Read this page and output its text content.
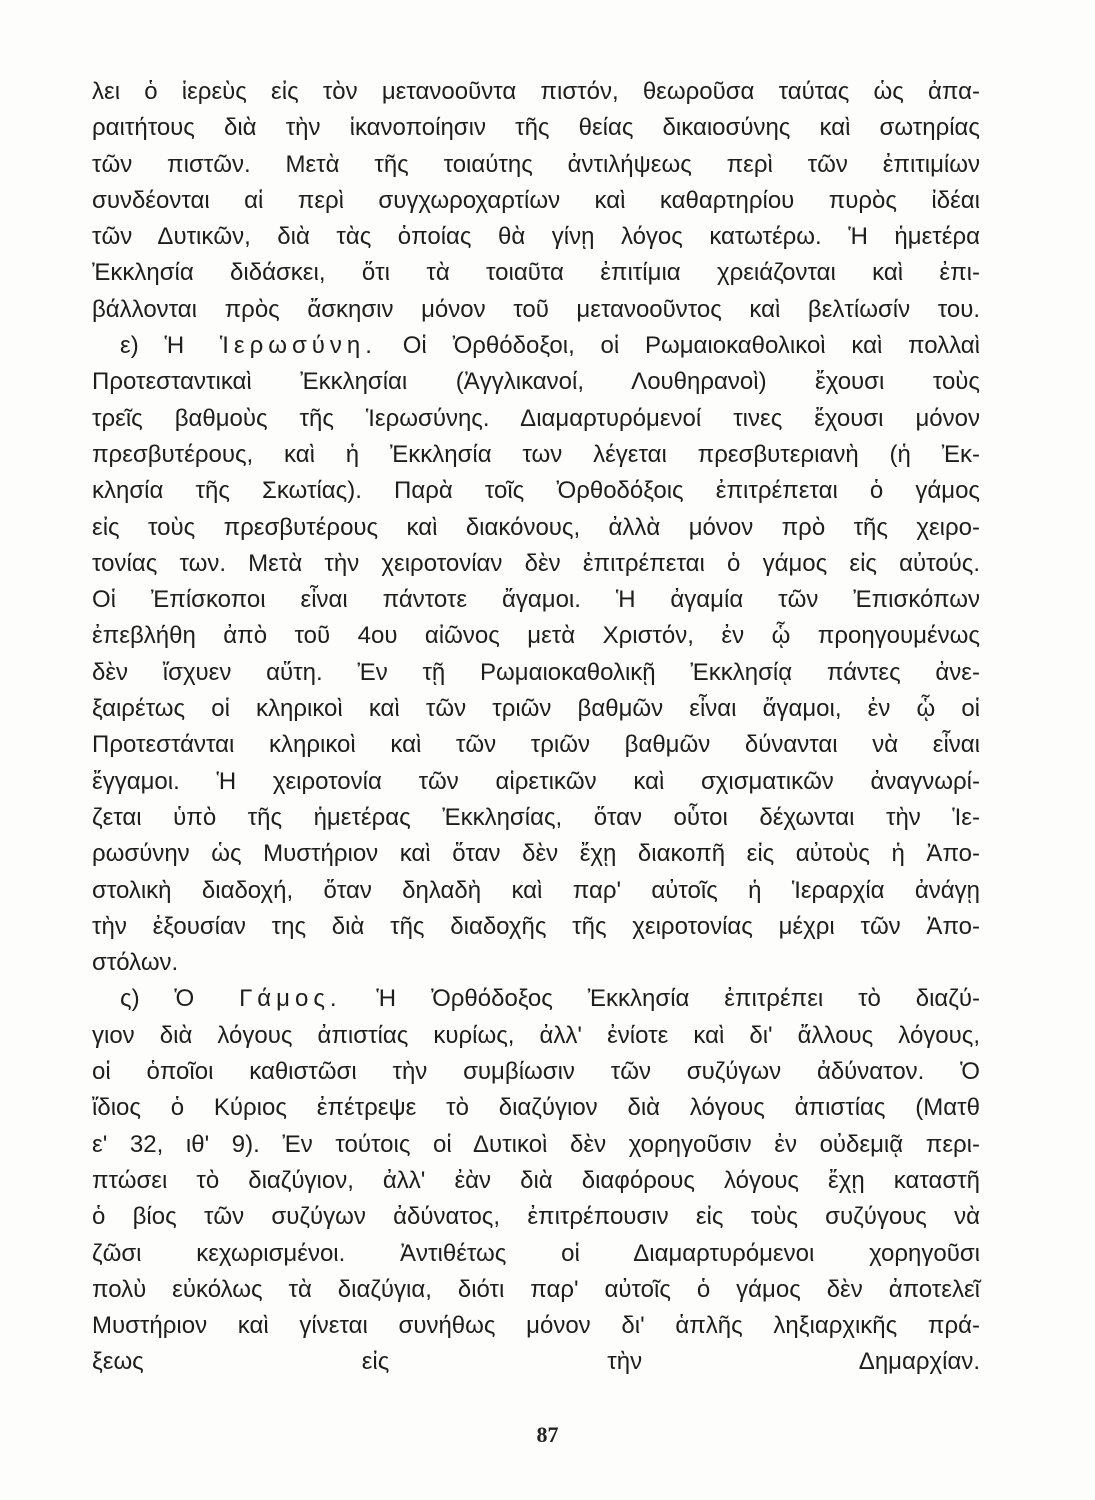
λει ὁ ἱερεὺς εἰς τὸν μετανοοῦντα πιστόν, θεωροῦσα ταύτας ὡς ἀπα-
ραιτήτους διὰ τὴν ἱκανοποίησιν τῆς θείας δικαιοσύνης καὶ σωτηρίας
τῶν πιστῶν. Μετὰ τῆς τοιαύτης ἀντιλήψεως περὶ τῶν ἐπιτιμίων
συνδέονται αἱ περὶ συγχωροχαρτίων καὶ καθαρτηρίου πυρὸς ἰδέαι
τῶν Δυτικῶν, διὰ τὰς ὁποίας θὰ γίνῃ λόγος κατωτέρω. Ἡ ἡμετέρα
Ἐκκλησία διδάσκει, ὅτι τὰ τοιαῦτα ἐπιτίμια χρειάζονται καὶ ἐπι-
βάλλονται πρὸς ἄσκησιν μόνον τοῦ μετανοοῦντος καὶ βελτίωσίν του.
ε) Ἡ Ἱερωσύνη. Οἱ Ὀρθόδοξοι, οἱ Ρωμαιοκαθολικοὶ καὶ πολλαὶ
Προτεσταντικαὶ Ἐκκλησίαι (Ἀγγλικανοί, Λουθηρανοὶ) ἔχουσι τοὺς
τρεῖς βαθμοὺς τῆς Ἱερωσύνης. Διαμαρτυρόμενοί τινες ἔχουσι μόνον
πρεσβυτέρους, καὶ ἡ Ἐκκλησία των λέγεται πρεσβυτεριανὴ (ἡ Ἐκ-
κλησία τῆς Σκωτίας). Παρὰ τοῖς Ὀρθοδόξοις ἐπιτρέπεται ὁ γάμος
εἰς τοὺς πρεσβυτέρους καὶ διακόνους, ἀλλὰ μόνον πρὸ τῆς χειρο-
τονίας των. Μετὰ τὴν χειροτονίαν δὲν ἐπιτρέπεται ὁ γάμος εἰς αὐτούς.
Οἱ Ἐπίσκοποι εἶναι πάντοτε ἄγαμοι. Ἡ ἀγαμία τῶν Ἐπισκόπων
ἐπεβλήθη ἀπὸ τοῦ 4ου αἰῶνος μετὰ Χριστόν, ἐν ᾧ προηγουμένως
δὲν ἴσχυεν αὕτη. Ἐν τῇ Ρωμαιοκαθολικῇ Ἐκκλησίᾳ πάντες ἀνε-
ξαιρέτως οἱ κληρικοὶ καὶ τῶν τριῶν βαθμῶν εἶναι ἄγαμοι, ἐν ᾧ οἱ
Προτεστάνται κληρικοὶ καὶ τῶν τριῶν βαθμῶν δύνανται νὰ εἶναι
ἔγγαμοι. Ἡ χειροτονία τῶν αἱρετικῶν καὶ σχισματικῶν ἀναγνωρί-
ζεται ὑπὸ τῆς ἡμετέρας Ἐκκλησίας, ὅταν οὗτοι δέχωνται τὴν Ἱε-
ρωσύνην ὡς Μυστήριον καὶ ὅταν δὲν ἔχῃ διακοπῆ εἰς αὐτοὺς ἡ Ἀπο-
στολικὴ διαδοχή, ὅταν δηλαδὴ καὶ παρ' αὐτοῖς ἡ Ἱεραρχία ἀνάγῃ
τὴν ἐξουσίαν της διὰ τῆς διαδοχῆς τῆς χειροτονίας μέχρι τῶν Ἀπο-
στόλων.
ς) Ὁ Γάμος. Ἡ Ὀρθόδοξος Ἐκκλησία ἐπιτρέπει τὸ διαζύ-
γιον διὰ λόγους ἀπιστίας κυρίως, ἀλλ' ἐνίοτε καὶ δι' ἄλλους λόγους,
οἱ ὁποῖοι καθιστῶσι τὴν συμβίωσιν τῶν συζύγων ἀδύνατον. Ὁ
ἴδιος ὁ Κύριος ἐπέτρεψε τὸ διαζύγιον διὰ λόγους ἀπιστίας (Ματθ
ε' 32, ιθ' 9). Ἐν τούτοις οἱ Δυτικοὶ δὲν χορηγοῦσιν ἐν οὐδεμιᾷ περι-
πτώσει τὸ διαζύγιον, ἀλλ' ἐὰν διὰ διαφόρους λόγους ἔχῃ καταστῆ
ὁ βίος τῶν συζύγων ἀδύνατος, ἐπιτρέπουσιν εἰς τοὺς συζύγους νὰ
ζῶσι κεχωρισμένοι. Ἀντιθέτως οἱ Διαμαρτυρόμενοι χορηγοῦσι
πολὺ εὐκόλως τὰ διαζύγια, διότι παρ' αὐτοῖς ὁ γάμος δὲν ἀποτελεῖ
Μυστήριον καὶ γίνεται συνήθως μόνον δι' ἁπλῆς ληξιαρχικῆς πρά-
ξεως εἰς τὴν Δημαρχίαν.
87
